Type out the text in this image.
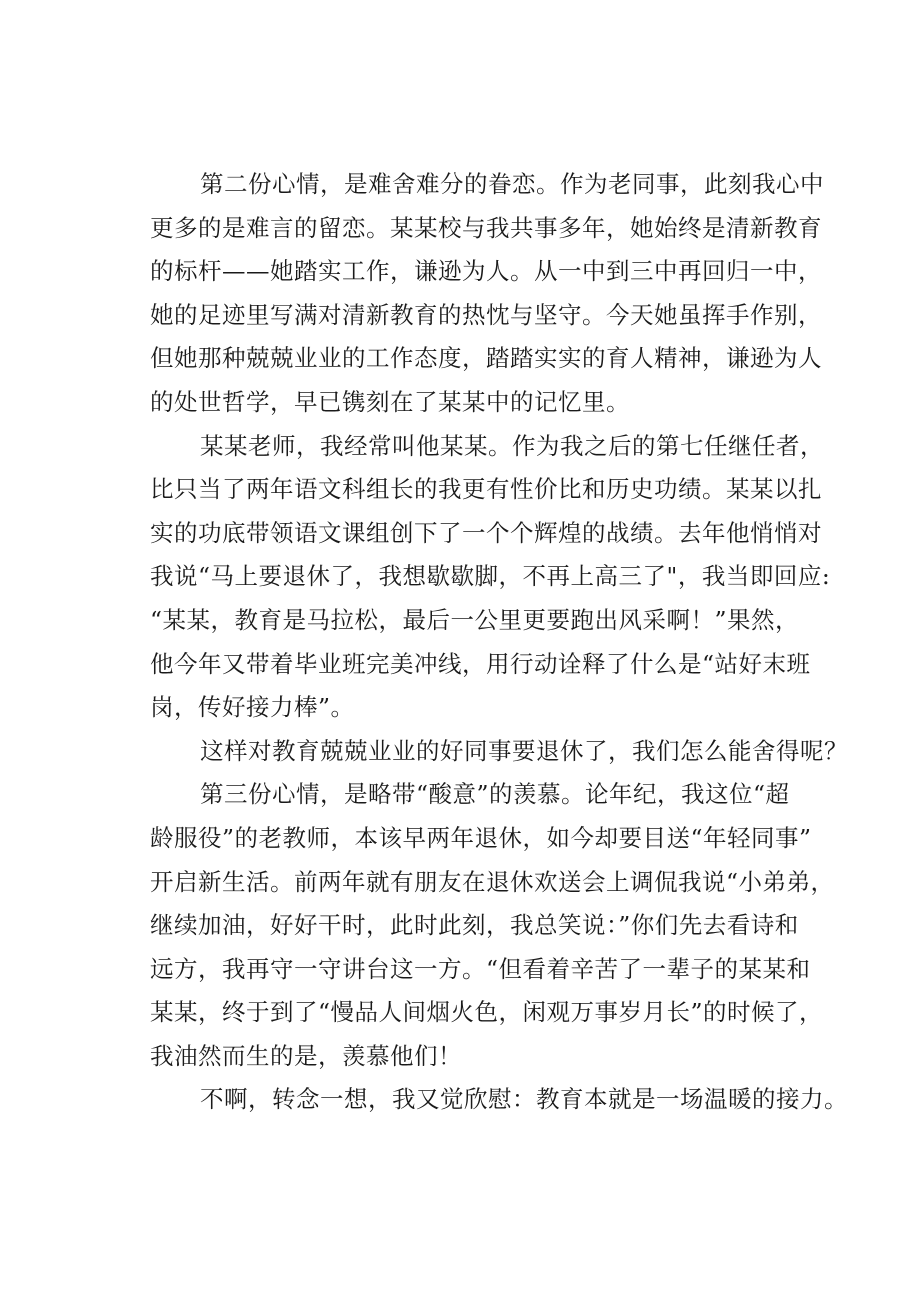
第二份心情，是难舍难分的眷恋。作为老同事，此刻我心中
更多的是难言的留恋。某某校与我共事多年，她始终是清新教育
的标杆——她踏实工作，谦逊为人。从一中到三中再回归一中，
她的足迹里写满对清新教育的热忱与坚守。今天她虽挥手作别，
但她那种兢兢业业的工作态度，踏踏实实的育人精神，谦逊为人
的处世哲学，早已镌刻在了某某中的记忆里。
某某老师，我经常叫他某某。作为我之后的第七任继任者，
比只当了两年语文科组长的我更有性价比和历史功绩。某某以扎
实的功底带领语文课组创下了一个个辉煌的战绩。去年他悄悄对
我说“马上要退休了，我想歇歇脚，不再上高三了"，我当即回应:
“某某，教育是马拉松，最后一公里更要跑出风采啊！”果然，
他今年又带着毕业班完美冲线，用行动诠释了什么是“站好末班
岗，传好接力棒”。
这样对教育兢兢业业的好同事要退休了，我们怎么能舍得呢？
第三份心情，是略带“酸意”的羡慕。论年纪，我这位“超
龄服役”的老教师，本该早两年退休，如今却要目送“年轻同事”
开启新生活。前两年就有朋友在退休欢送会上调侃我说“小弟弟，
继续加油，好好干时，此时此刻，我总笑说：”你们先去看诗和
远方，我再守一守讲台这一方。“但看着辛苦了一辈子的某某和
某某，终于到了“慢品人间烟火色，闲观万事岁月长”的时候了，
我油然而生的是，羡慕他们！
不啊，转念一想，我又觉欣慰：教育本就是一场温暖的接力。
